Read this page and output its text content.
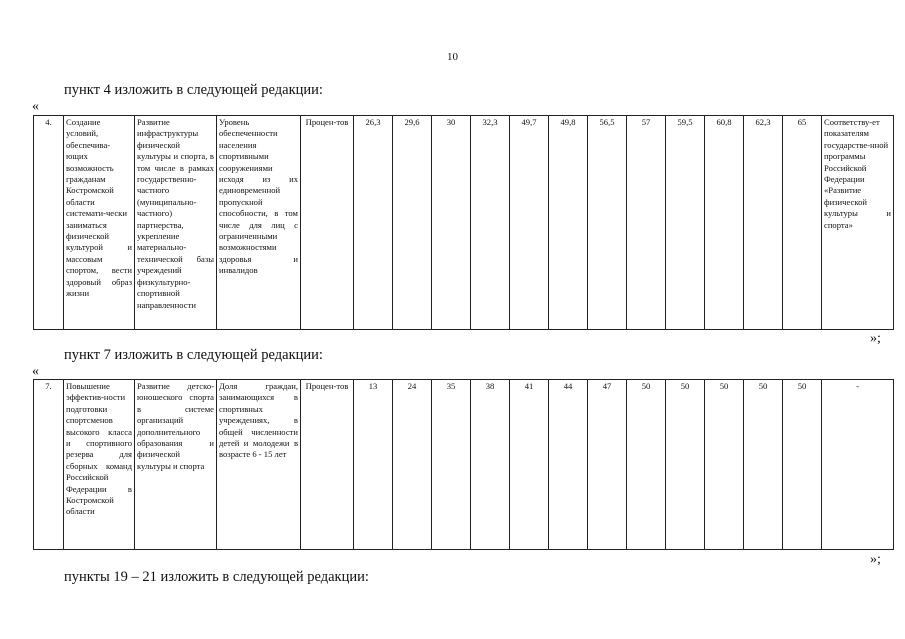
10
пункт 4 изложить в следующей редакции:
«
4.	Создание условий, обеспечива-ющих возможность гражданам Костромской области системати-чески заниматься физической культурой и массовым спортом, вести здоровый образ жизни	Развитие инфраструктуры физической культуры и спорта, в том числе в рамках государственно-частного (муниципально-частного) партнерства, укрепление материально-технической базы учреждений физкультурно-спортивной направленности	Уровень обеспеченности населения спортивными сооружениями исходя из их единовременной пропускной способности, в том числе для лиц с ограниченными возможностями здоровья и инвалидов	Процен-тов	26,3	29,6	30	32,3	49,7	49,8	56,5	57	59,5	60,8	62,3	65	Соответству-ет показателям государстве-нной программы Российской Федерации «Развитие физической культуры и спорта»
»;
пункт 7 изложить в следующей редакции:
«
7.	Повышение эффектив-ности подготовки спортсменов высокого класса и спортивного резерва для сборных команд Российской Федерации в Костромской области	Развитие детско-юношеского спорта в системе организаций дополнительного образования и физической культуры и спорта	Доля граждан, занимающихся в спортивных учреждениях, в общей численности детей и молодежи в возрасте 6 - 15 лет	Процен-тов	13	24	35	38	41	44	47	50	50	50	50	50	-
»;
пункты 19 – 21 изложить в следующей редакции:
